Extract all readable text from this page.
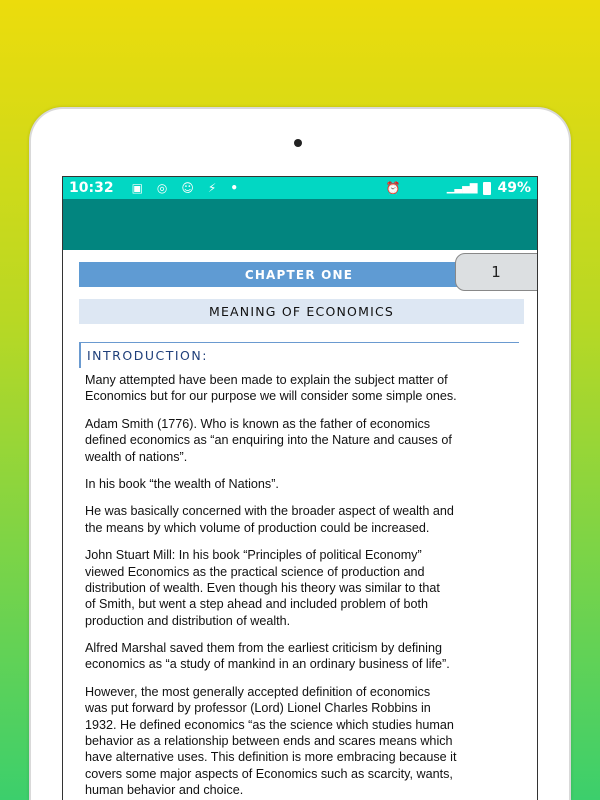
10:32 ▣ ◎ ☺ ⚡ •	⏰	▁▃▅▇ 49%
CHAPTER ONE	1
MEANING OF ECONOMICS
INTRODUCTION:
Many attempted have been made to explain the subject matter of
Economics but for our purpose we will consider some simple ones.
Adam Smith (1776). Who is known as the father of economics
defined economics as “an enquiring into the Nature and causes of
wealth of nations”.
In his book “the wealth of Nations”.
He was basically concerned with the broader aspect of wealth and
the means by which volume of production could be increased.
John Stuart Mill: In his book “Principles of political Economy”
viewed Economics as the practical science of production and
distribution of wealth. Even though his theory was similar to that
of Smith, but went a step ahead and included problem of both
production and distribution of wealth.
Alfred Marshal saved them from the earliest criticism by defining
economics as “a study of mankind in an ordinary business of life”.
However, the most generally accepted definition of economics
was put forward by professor (Lord) Lionel Charles Robbins in
1932. He defined economics “as the science which studies human
behavior as a relationship between ends and scares means which
have alternative uses. This definition is more embracing because it
covers some major aspects of Economics such as scarcity, wants,
human behavior and choice.
